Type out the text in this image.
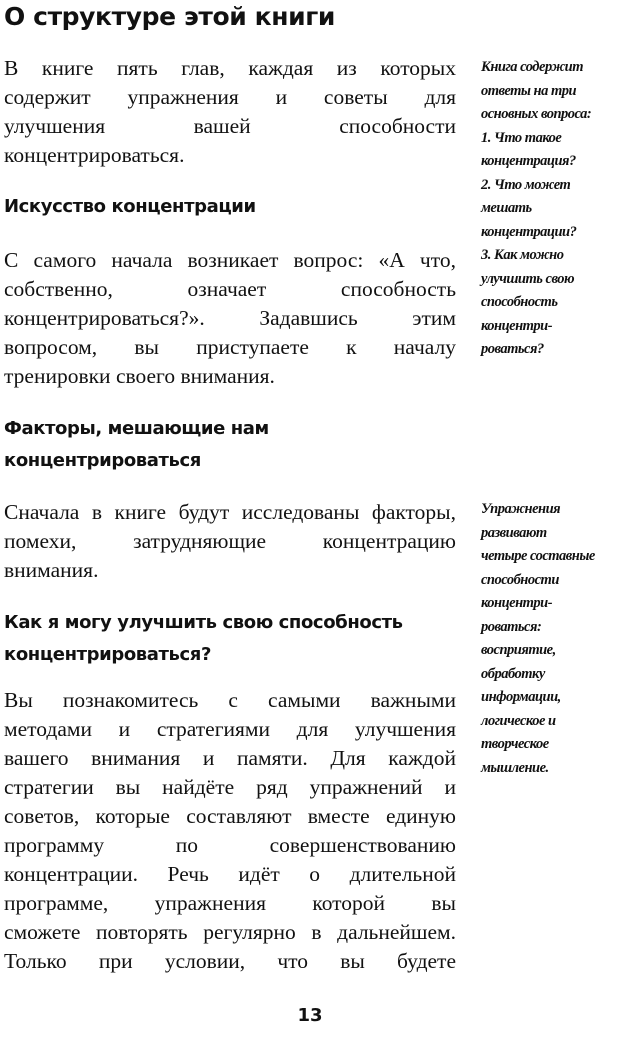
О структуре этой книги
В книге пять глав, каждая из которых
содержит упражнения и советы для
улучшения вашей способности
концентрироваться.
Искусство концентрации
С самого начала возникает вопрос: «А что,
собственно, означает способность
концентрироваться?». Задавшись этим
вопросом, вы приступаете к началу
тренировки своего внимания.
Факторы, мешающие нам
концентрироваться
Сначала в книге будут исследованы факторы,
помехи, затрудняющие концентрацию
внимания.
Как я могу улучшить свою способность
концентрироваться?
Вы познакомитесь с самыми важными
методами и стратегиями для улучшения
вашего внимания и памяти. Для каждой
стратегии вы найдёте ряд упражнений и
советов, которые составляют вместе единую
программу по совершенствованию
концентрации. Речь идёт о длительной
программе, упражнения которой вы
сможете повторять регулярно в дальнейшем.
Только при условии, что вы будете
Книга содержит
ответы на три
основных вопроса:
1. Что такое
концентрация?
2. Что может
мешать
концентрации?
3. Как можно
улучшить свою
способность
концентри-
роваться?
Упражнения
развивают
четыре составные
способности
концентри-
роваться:
восприятие,
обработку
информации,
логическое и
творческое
мышление.
13
